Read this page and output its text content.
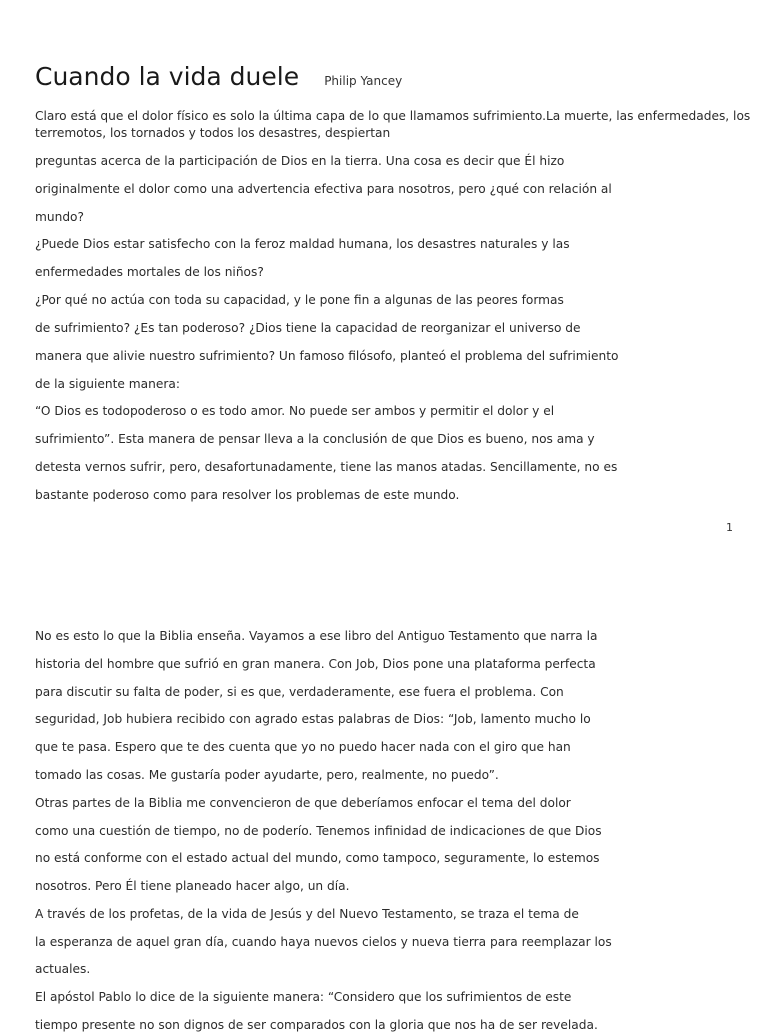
Cuando la vida duele Philip Yancey
Claro está que el dolor físico es solo la última capa de lo que llamamos sufrimiento.La muerte, las enfermedades, los
terremotos, los tornados y todos los desastres, despiertan
preguntas acerca de la participación de Dios en la tierra. Una cosa es decir que Él hizo
originalmente el dolor como una advertencia efectiva para nosotros, pero ¿qué con relación al
mundo?
¿Puede Dios estar satisfecho con la feroz maldad humana, los desastres naturales y las
enfermedades mortales de los niños?
¿Por qué no actúa con toda su capacidad, y le pone fin a algunas de las peores formas
de sufrimiento? ¿Es tan poderoso? ¿Dios tiene la capacidad de reorganizar el universo de
manera que alivie nuestro sufrimiento? Un famoso filósofo, planteó el problema del sufrimiento
de la siguiente manera:
“O Dios es todopoderoso o es todo amor. No puede ser ambos y permitir el dolor y el
sufrimiento”. Esta manera de pensar lleva a la conclusión de que Dios es bueno, nos ama y
detesta vernos sufrir, pero, desafortunadamente, tiene las manos atadas. Sencillamente, no es
bastante poderoso como para resolver los problemas de este mundo.
1
No es esto lo que la Biblia enseña. Vayamos a ese libro del Antiguo Testamento que narra la
historia del hombre que sufrió en gran manera. Con Job, Dios pone una plataforma perfecta
para discutir su falta de poder, si es que, verdaderamente, ese fuera el problema. Con
seguridad, Job hubiera recibido con agrado estas palabras de Dios: “Job, lamento mucho lo
que te pasa. Espero que te des cuenta que yo no puedo hacer nada con el giro que han
tomado las cosas. Me gustaría poder ayudarte, pero, realmente, no puedo”.
Otras partes de la Biblia me convencieron de que deberíamos enfocar el tema del dolor
como una cuestión de tiempo, no de poderío. Tenemos infinidad de indicaciones de que Dios
no está conforme con el estado actual del mundo, como tampoco, seguramente, lo estemos
nosotros. Pero Él tiene planeado hacer algo, un día.
A través de los profetas, de la vida de Jesús y del Nuevo Testamento, se traza el tema de
la esperanza de aquel gran día, cuando haya nuevos cielos y nueva tierra para reemplazar los
actuales.
El apóstol Pablo lo dice de la siguiente manera: “Considero que los sufrimientos de este
tiempo presente no son dignos de ser comparados con la gloria que nos ha de ser revelada.
